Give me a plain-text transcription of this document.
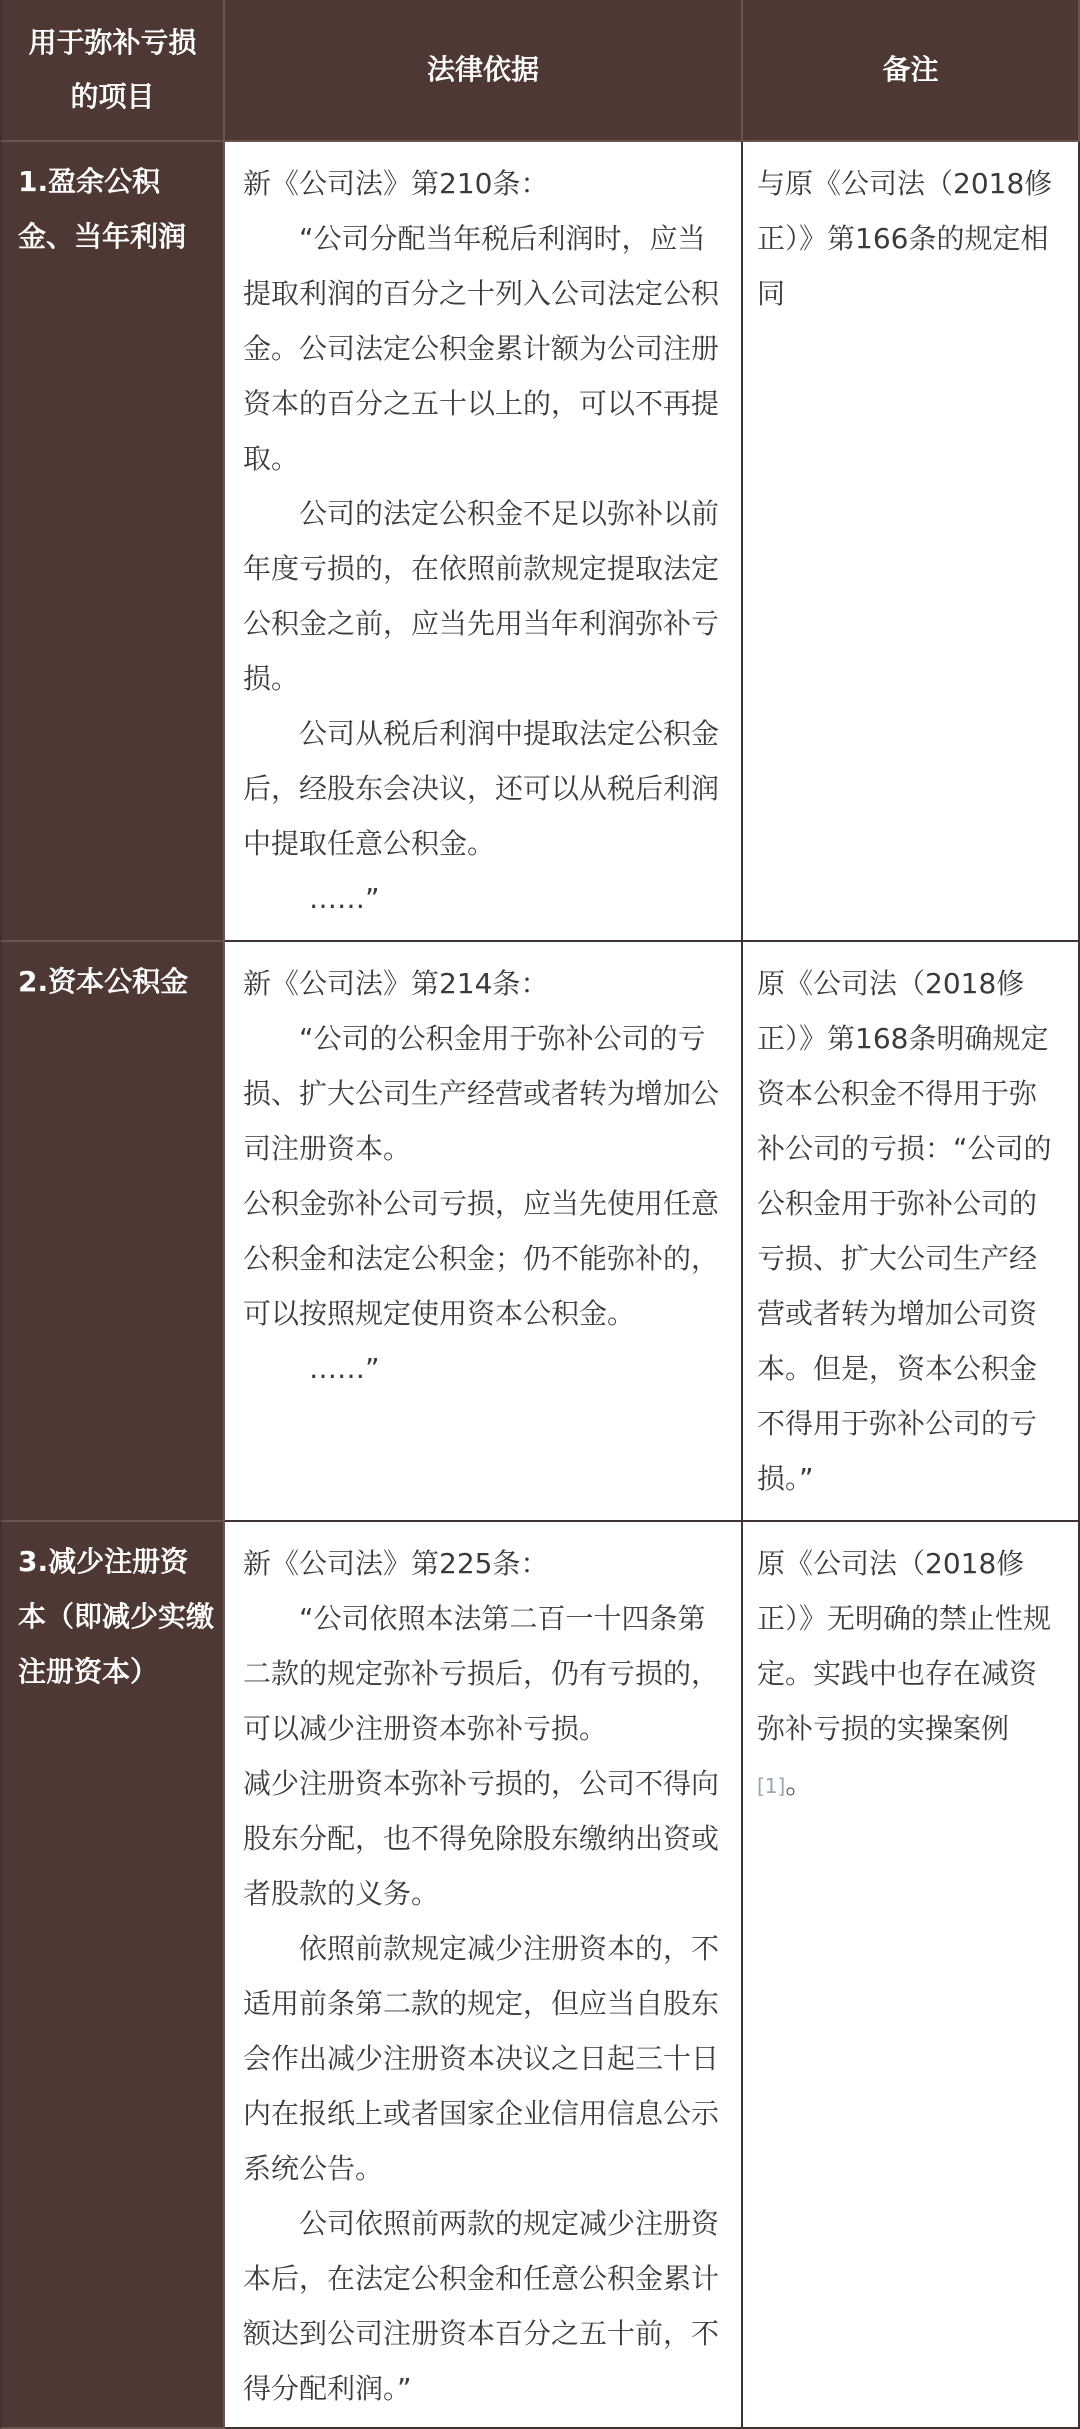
用于弥补亏损
的项目
法律依据	备注
1.盈余公积金、当年利润

新《公司法》第210条：

“公司分配当年税后利润时，应当提取利润的百分之十列入公司法定公积金。公司法定公积金累计额为公司注册资本的百分之五十以上的，可以不再提取。

公司的法定公积金不足以弥补以前年度亏损的，在依照前款规定提取法定公积金之前，应当先用当年利润弥补亏损。

公司从税后利润中提取法定公积金后，经股东会决议，还可以从税后利润中提取任意公积金。

……”

与原《公司法（2018修正）》第166条的规定相同

2.资本公积金	新《公司法》第214条：

“公司的公积金用于弥补公司的亏损、扩大公司生产经营或者转为增加公司注册资本。

公积金弥补公司亏损，应当先使用任意公积金和法定公积金；仍不能弥补的，可以按照规定使用资本公积金。

……”

原《公司法（2018修正）》第168条明确规定资本公积金不得用于弥补公司的亏损：“公司的公积金用于弥补公司的亏损、扩大公司生产经营或者转为增加公司资本。但是，资本公积金不得用于弥补公司的亏损。”

3.减少注册资本（即减少实缴注册资本）

新《公司法》第225条：

“公司依照本法第二百一十四条第二款的规定弥补亏损后，仍有亏损的，可以减少注册资本弥补亏损。

减少注册资本弥补亏损的，公司不得向股东分配，也不得免除股东缴纳出资或者股款的义务。

依照前款规定减少注册资本的，不适用前条第二款的规定，但应当自股东会作出减少注册资本决议之日起三十日内在报纸上或者国家企业信用信息公示系统公告。

公司依照前两款的规定减少注册资本后，在法定公积金和任意公积金累计额达到公司注册资本百分之五十前，不得分配利润。”

原《公司法（2018修正）》无明确的禁止性规定。实践中也存在减资弥补亏损的实操案例[1]。
